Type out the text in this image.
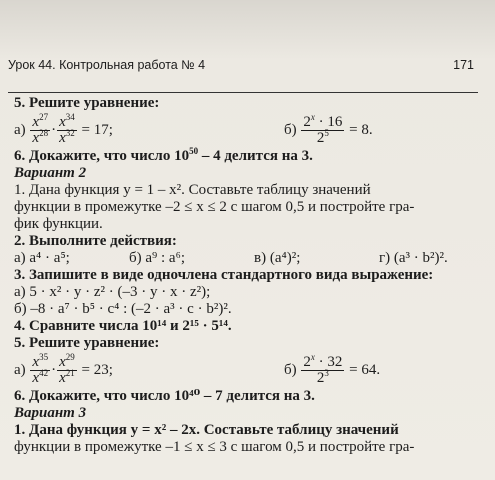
Урок 44. Контрольная работа № 4	171
5. Решите уравнение:
$а) \frac{x^{27}}{x^{28}} \cdot \frac{x^{34}}{x^{32}} = 17$;	$б) \frac{2^x \cdot 16}{2^5} = 8$.
6. Докажите, что число $10^{50} - 4$ делится на 3.
Вариант 2
1. Дана функция y = 1 – x². Составьте таблицу значений
функции в промежутке –2 ≤ x ≤ 2 с шагом 0,5 и постройте гра-
фик функции.
2. Выполните действия:
а) a⁴ · a⁵;	б) a⁹ : a⁶;	в) (a⁴)²;	г) (a³ · b²)².
3. Запишите в виде одночлена стандартного вида выражение:
а) 5 · x² · y · z² · (–3 · y · x · z²);
б) –8 · a⁷ · b⁵ · c⁴ : (–2 · a³ · c · b²)².
4. Сравните числа 10¹⁴ и 2¹⁵ · 5¹⁴.
5. Решите уравнение:
$а) \frac{x^{35}}{x^{42}} \cdot \frac{x^{29}}{x^{21}} = 23$;	$б) \frac{2^x \cdot 32}{2^3} = 64$.
6. Докажите, что число 10⁴⁰ – 7 делится на 3.
Вариант 3
1. Дана функция y = x² – 2x. Составьте таблицу значений
функции в промежутке –1 ≤ x ≤ 3 с шагом 0,5 и постройте гра-
